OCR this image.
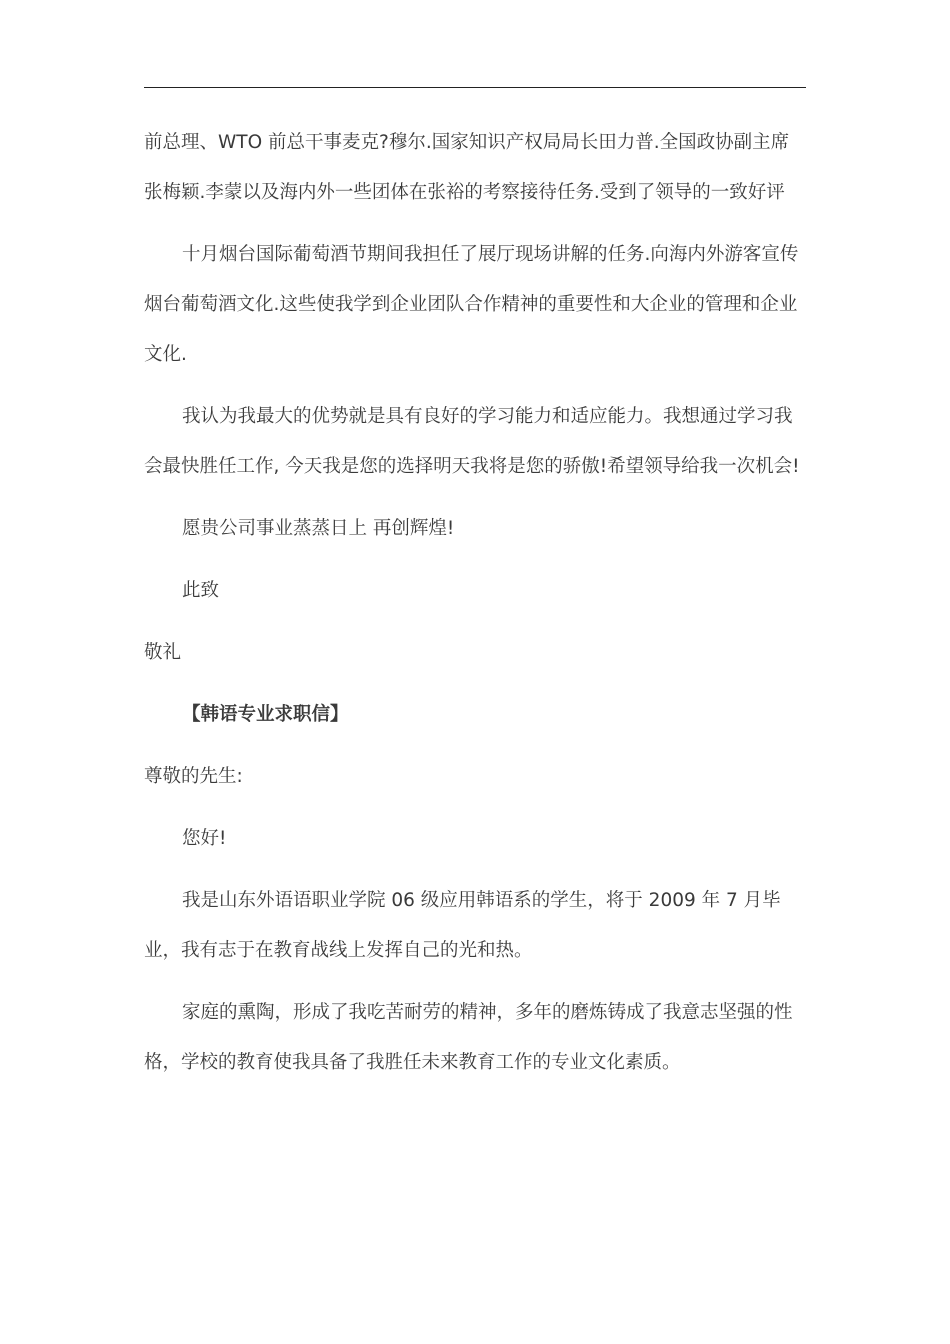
前总理、WTO 前总干事麦克?穆尔.国家知识产权局局长田力普.全国政协副主席张梅颖.李蒙以及海内外一些团体在张裕的考察接待任务.受到了领导的一致好评

十月烟台国际葡萄酒节期间我担任了展厅现场讲解的任务.向海内外游客宣传烟台葡萄酒文化.这些使我学到企业团队合作精神的重要性和大企业的管理和企业文化.

我认为我最大的优势就是具有良好的学习能力和适应能力。我想通过学习我会最快胜任工作, 今天我是您的选择明天我将是您的骄傲!希望领导给我一次机会!

愿贵公司事业蒸蒸日上 再创辉煌!

此致

敬礼

【韩语专业求职信】

尊敬的先生:

您好!

我是山东外语语职业学院 06 级应用韩语系的学生，将于 2009 年 7 月毕业，我有志于在教育战线上发挥自己的光和热。

家庭的熏陶，形成了我吃苦耐劳的精神，多年的磨炼铸成了我意志坚强的性格，学校的教育使我具备了我胜任未来教育工作的专业文化素质。
